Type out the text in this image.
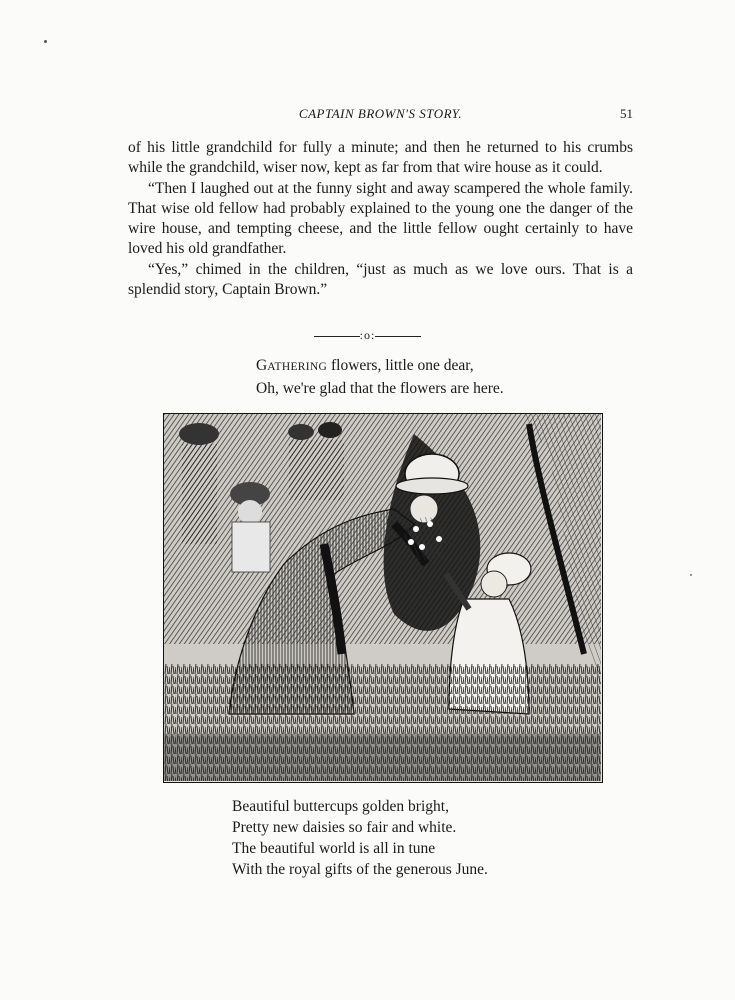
CAPTAIN BROWN'S STORY.	51

of his little grandchild for fully a minute; and then he returned to his crumbs while the grandchild, wiser now, kept as far from that wire house as it could.

“Then I laughed out at the funny sight and away scampered the whole family. That wise old fellow had probably explained to the young one the danger of the wire house, and tempting cheese, and the little fellow ought certainly to have loved his old grandfather.

“Yes,” chimed in the children, “just as much as we love ours. That is a splendid story, Captain Brown.”

:o:
GATHERING flowers, little one dear,
Oh, we're glad that the flowers are here.
Beautiful buttercups golden bright,
Pretty new daisies so fair and white.
The beautiful world is all in tune
With the royal gifts of the generous June.
